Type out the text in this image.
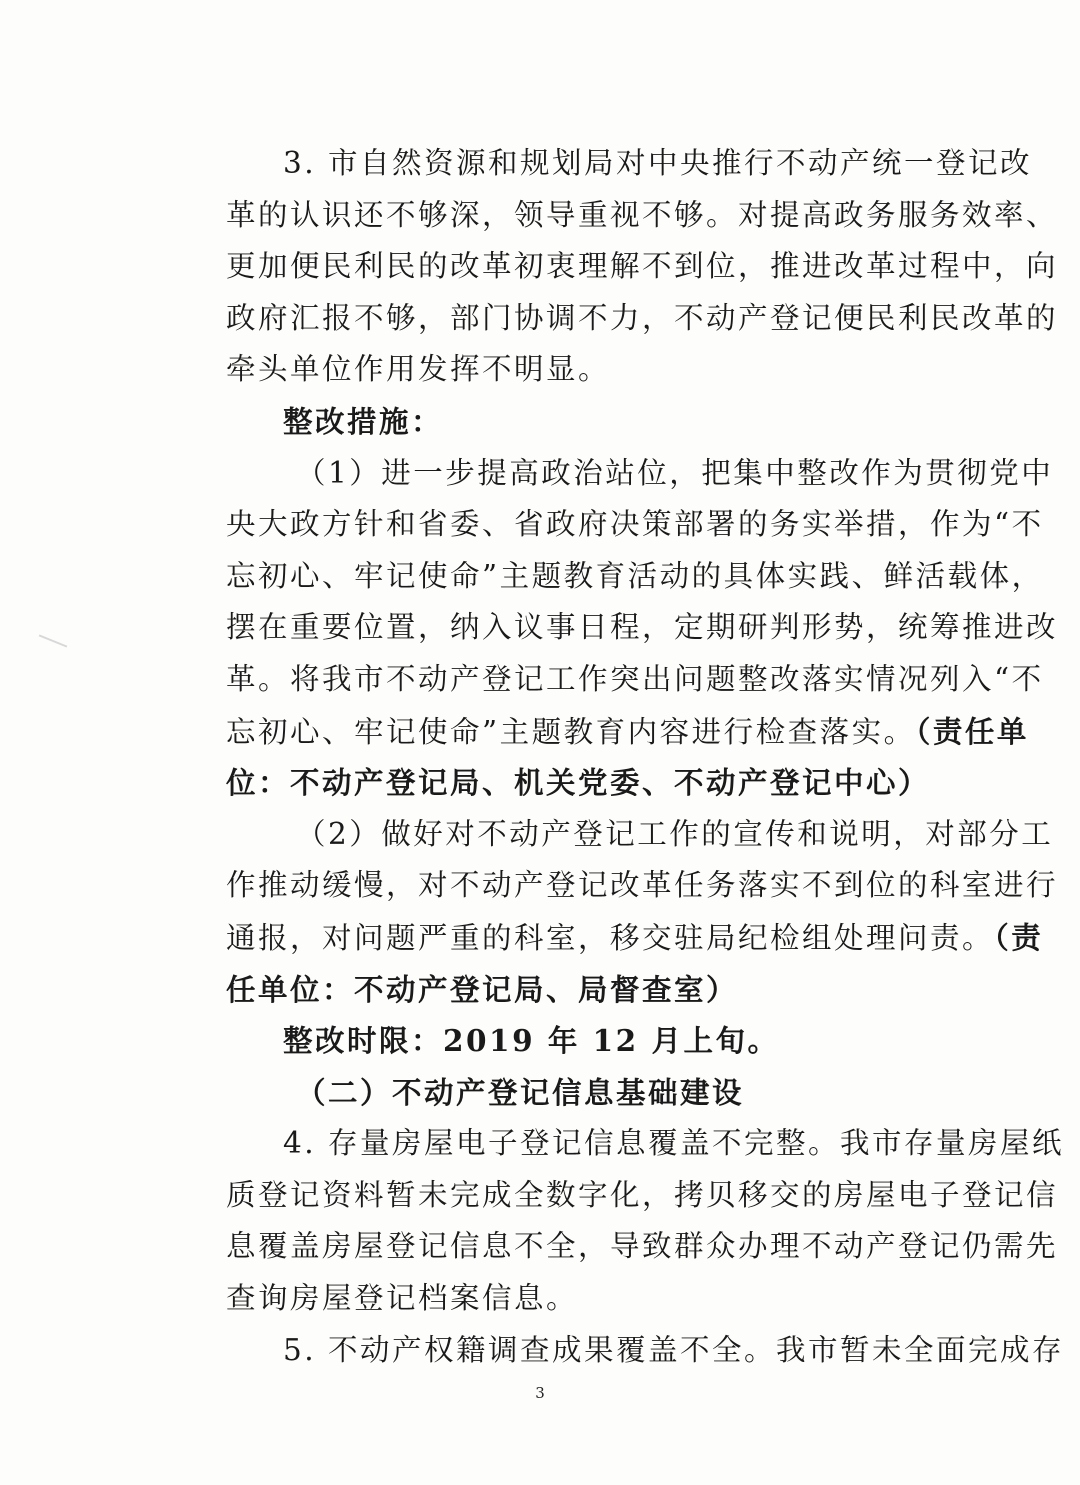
3. 市自然资源和规划局对中央推行不动产统一登记改
革的认识还不够深，领导重视不够。对提高政务服务效率、
更加便民利民的改革初衷理解不到位，推进改革过程中，向
政府汇报不够，部门协调不力，不动产登记便民利民改革的
牵头单位作用发挥不明显。
整改措施：
（1）进一步提高政治站位，把集中整改作为贯彻党中
央大政方针和省委、省政府决策部署的务实举措，作为“不
忘初心、牢记使命”主题教育活动的具体实践、鲜活载体，
摆在重要位置，纳入议事日程，定期研判形势，统筹推进改
革。将我市不动产登记工作突出问题整改落实情况列入“不
忘初心、牢记使命”主题教育内容进行检查落实。（责任单
位：不动产登记局、机关党委、不动产登记中心）
（2）做好对不动产登记工作的宣传和说明，对部分工
作推动缓慢，对不动产登记改革任务落实不到位的科室进行
通报，对问题严重的科室，移交驻局纪检组处理问责。（责
任单位：不动产登记局、局督查室）
整改时限：2019 年 12 月上旬。
（二）不动产登记信息基础建设
4. 存量房屋电子登记信息覆盖不完整。我市存量房屋纸
质登记资料暂未完成全数字化，拷贝移交的房屋电子登记信
息覆盖房屋登记信息不全，导致群众办理不动产登记仍需先
查询房屋登记档案信息。
5. 不动产权籍调查成果覆盖不全。我市暂未全面完成存
3
